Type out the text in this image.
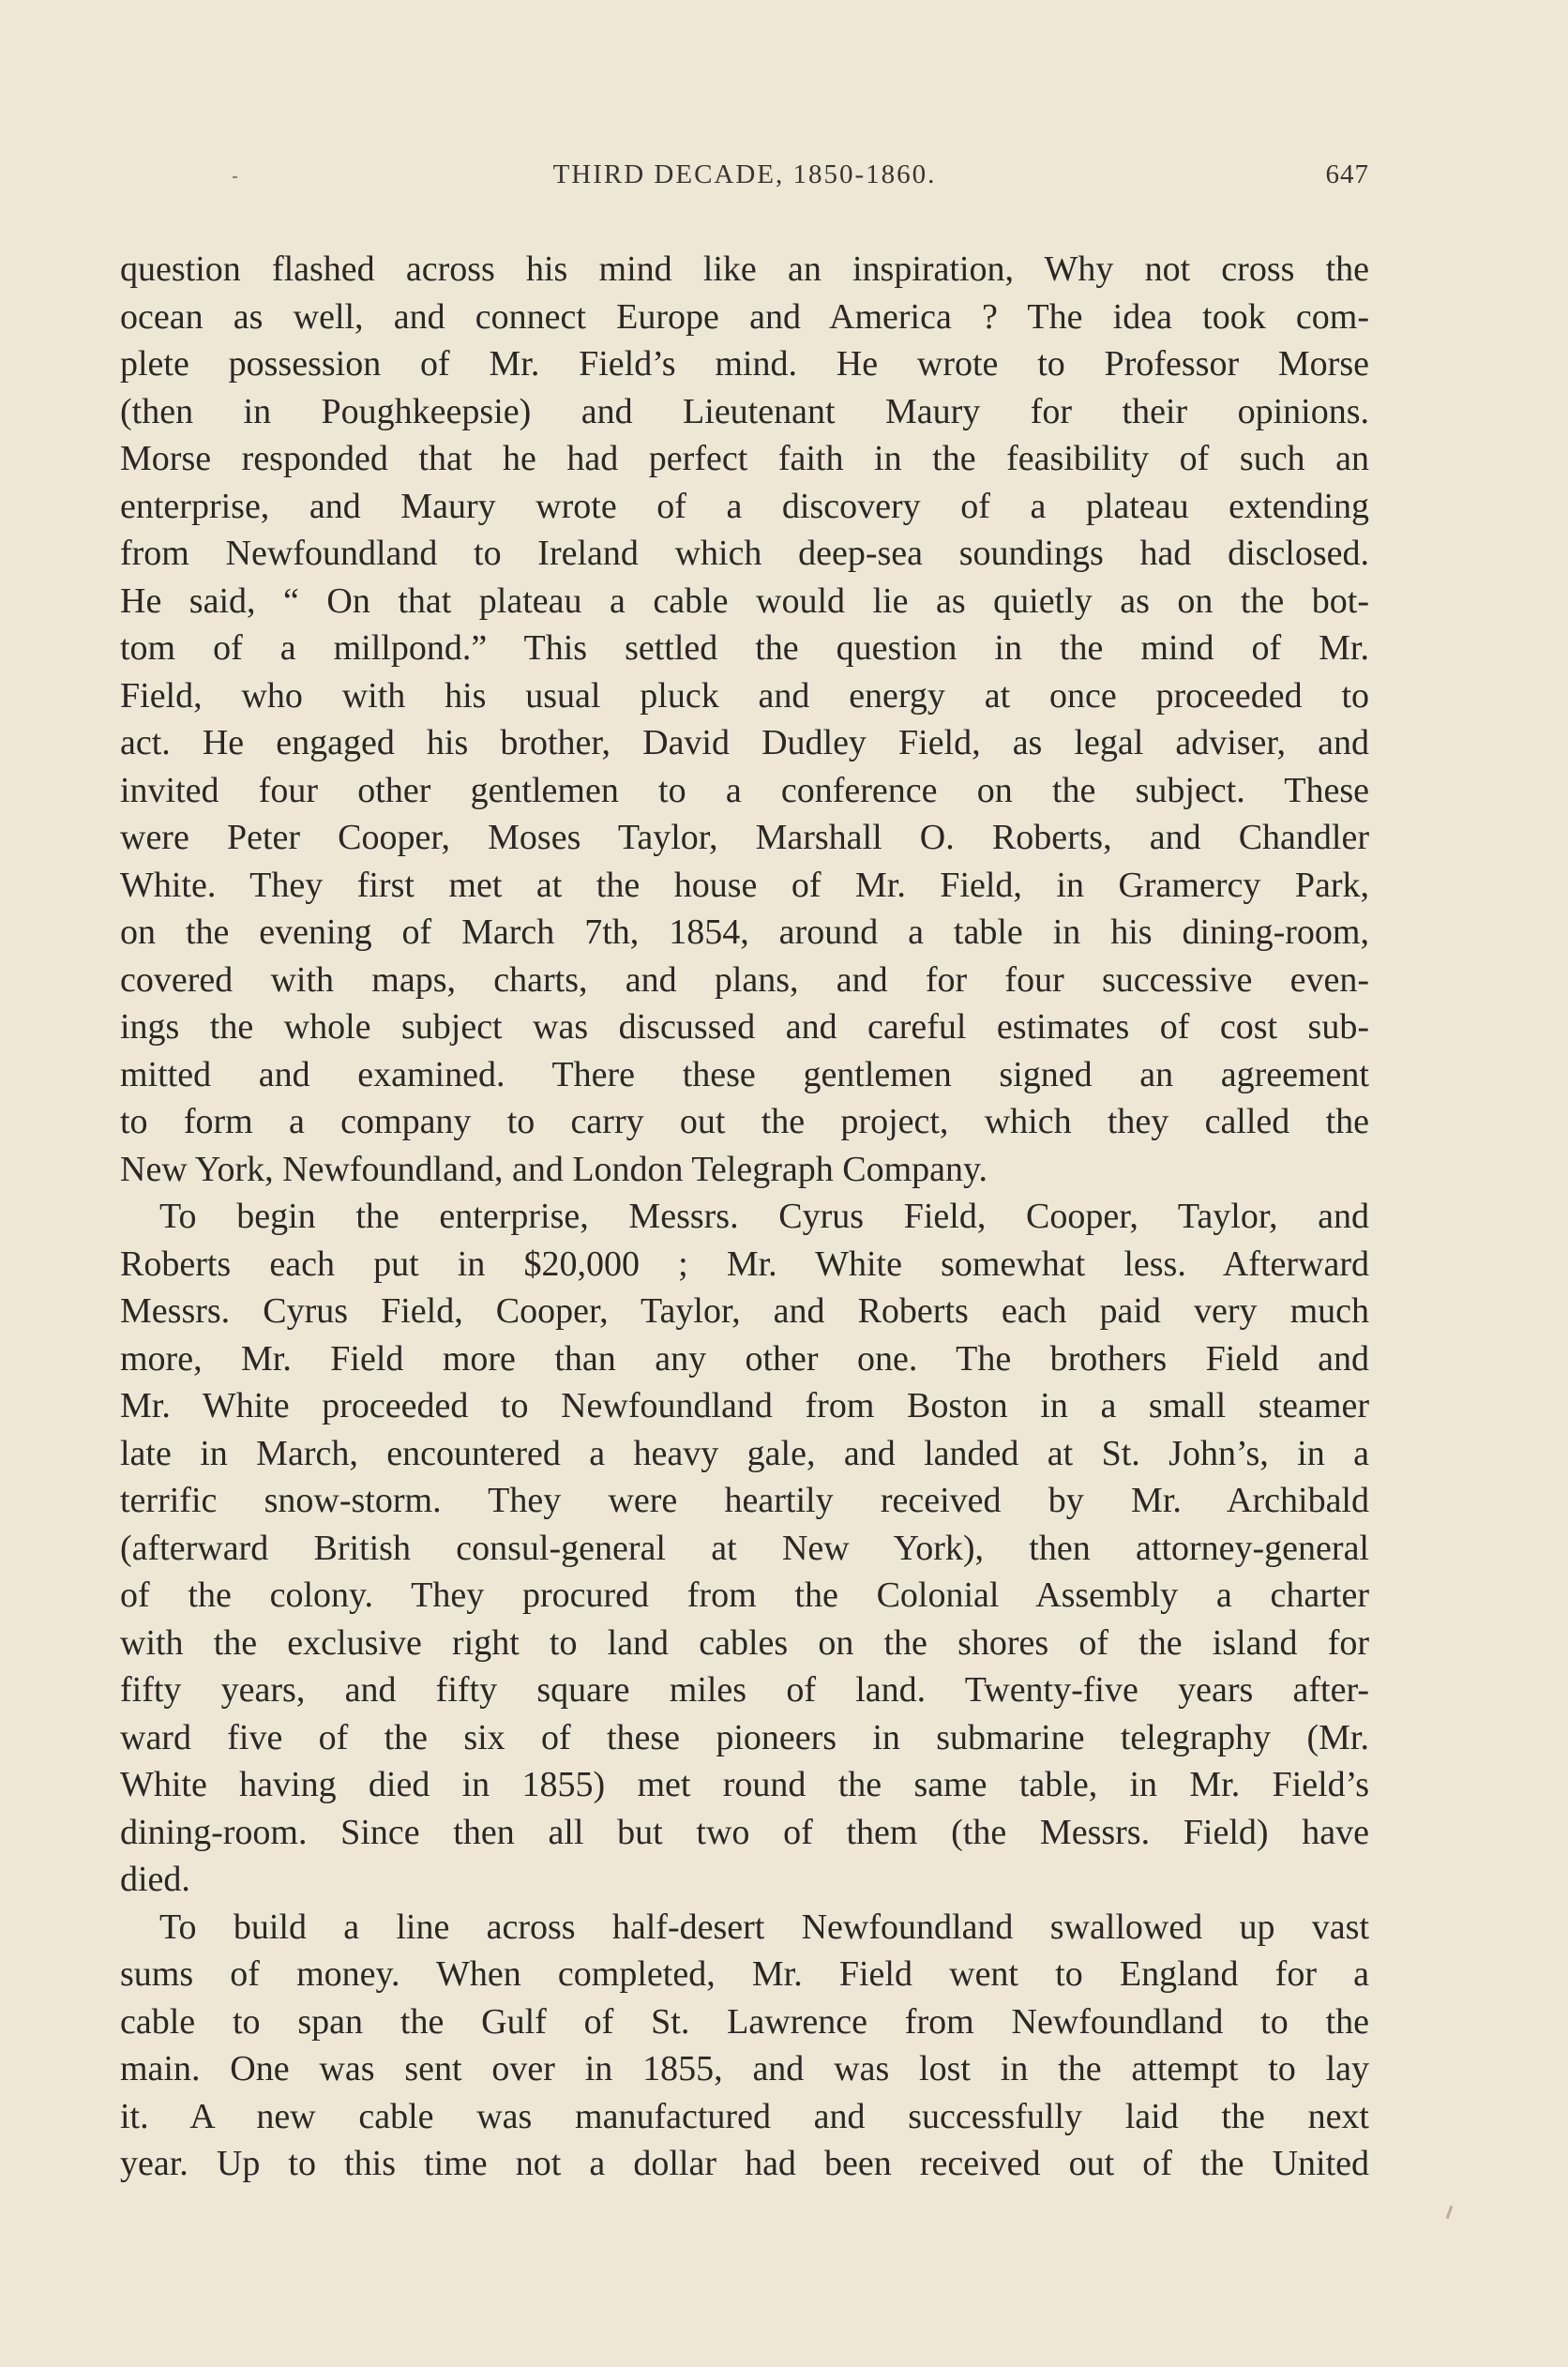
THIRD DECADE, 1850-1860.	647
question flashed across his mind like an inspiration, Why not cross the
ocean as well, and connect Europe and America ? The idea took com-
plete possession of Mr. Field’s mind. He wrote to Professor Morse
(then in Poughkeepsie) and Lieutenant Maury for their opinions.
Morse responded that he had perfect faith in the feasibility of such an
enterprise, and Maury wrote of a discovery of a plateau extending
from Newfoundland to Ireland which deep-sea soundings had disclosed.
He said, “ On that plateau a cable would lie as quietly as on the bot-
tom of a millpond.” This settled the question in the mind of Mr.
Field, who with his usual pluck and energy at once proceeded to
act. He engaged his brother, David Dudley Field, as legal adviser, and
invited four other gentlemen to a conference on the subject. These
were Peter Cooper, Moses Taylor, Marshall O. Roberts, and Chandler
White. They first met at the house of Mr. Field, in Gramercy Park,
on the evening of March 7th, 1854, around a table in his dining-room,
covered with maps, charts, and plans, and for four successive even-
ings the whole subject was discussed and careful estimates of cost sub-
mitted and examined. There these gentlemen signed an agreement
to form a company to carry out the project, which they called the
New York, Newfoundland, and London Telegraph Company.
To begin the enterprise, Messrs. Cyrus Field, Cooper, Taylor, and
Roberts each put in $20,000 ; Mr. White somewhat less. Afterward
Messrs. Cyrus Field, Cooper, Taylor, and Roberts each paid very much
more, Mr. Field more than any other one. The brothers Field and
Mr. White proceeded to Newfoundland from Boston in a small steamer
late in March, encountered a heavy gale, and landed at St. John’s, in a
terrific snow-storm. They were heartily received by Mr. Archibald
(afterward British consul-general at New York), then attorney-general
of the colony. They procured from the Colonial Assembly a charter
with the exclusive right to land cables on the shores of the island for
fifty years, and fifty square miles of land. Twenty-five years after-
ward five of the six of these pioneers in submarine telegraphy (Mr.
White having died in 1855) met round the same table, in Mr. Field’s
dining-room. Since then all but two of them (the Messrs. Field) have
died.
To build a line across half-desert Newfoundland swallowed up vast
sums of money. When completed, Mr. Field went to England for a
cable to span the Gulf of St. Lawrence from Newfoundland to the
main. One was sent over in 1855, and was lost in the attempt to lay
it. A new cable was manufactured and successfully laid the next
year. Up to this time not a dollar had been received out of the United
